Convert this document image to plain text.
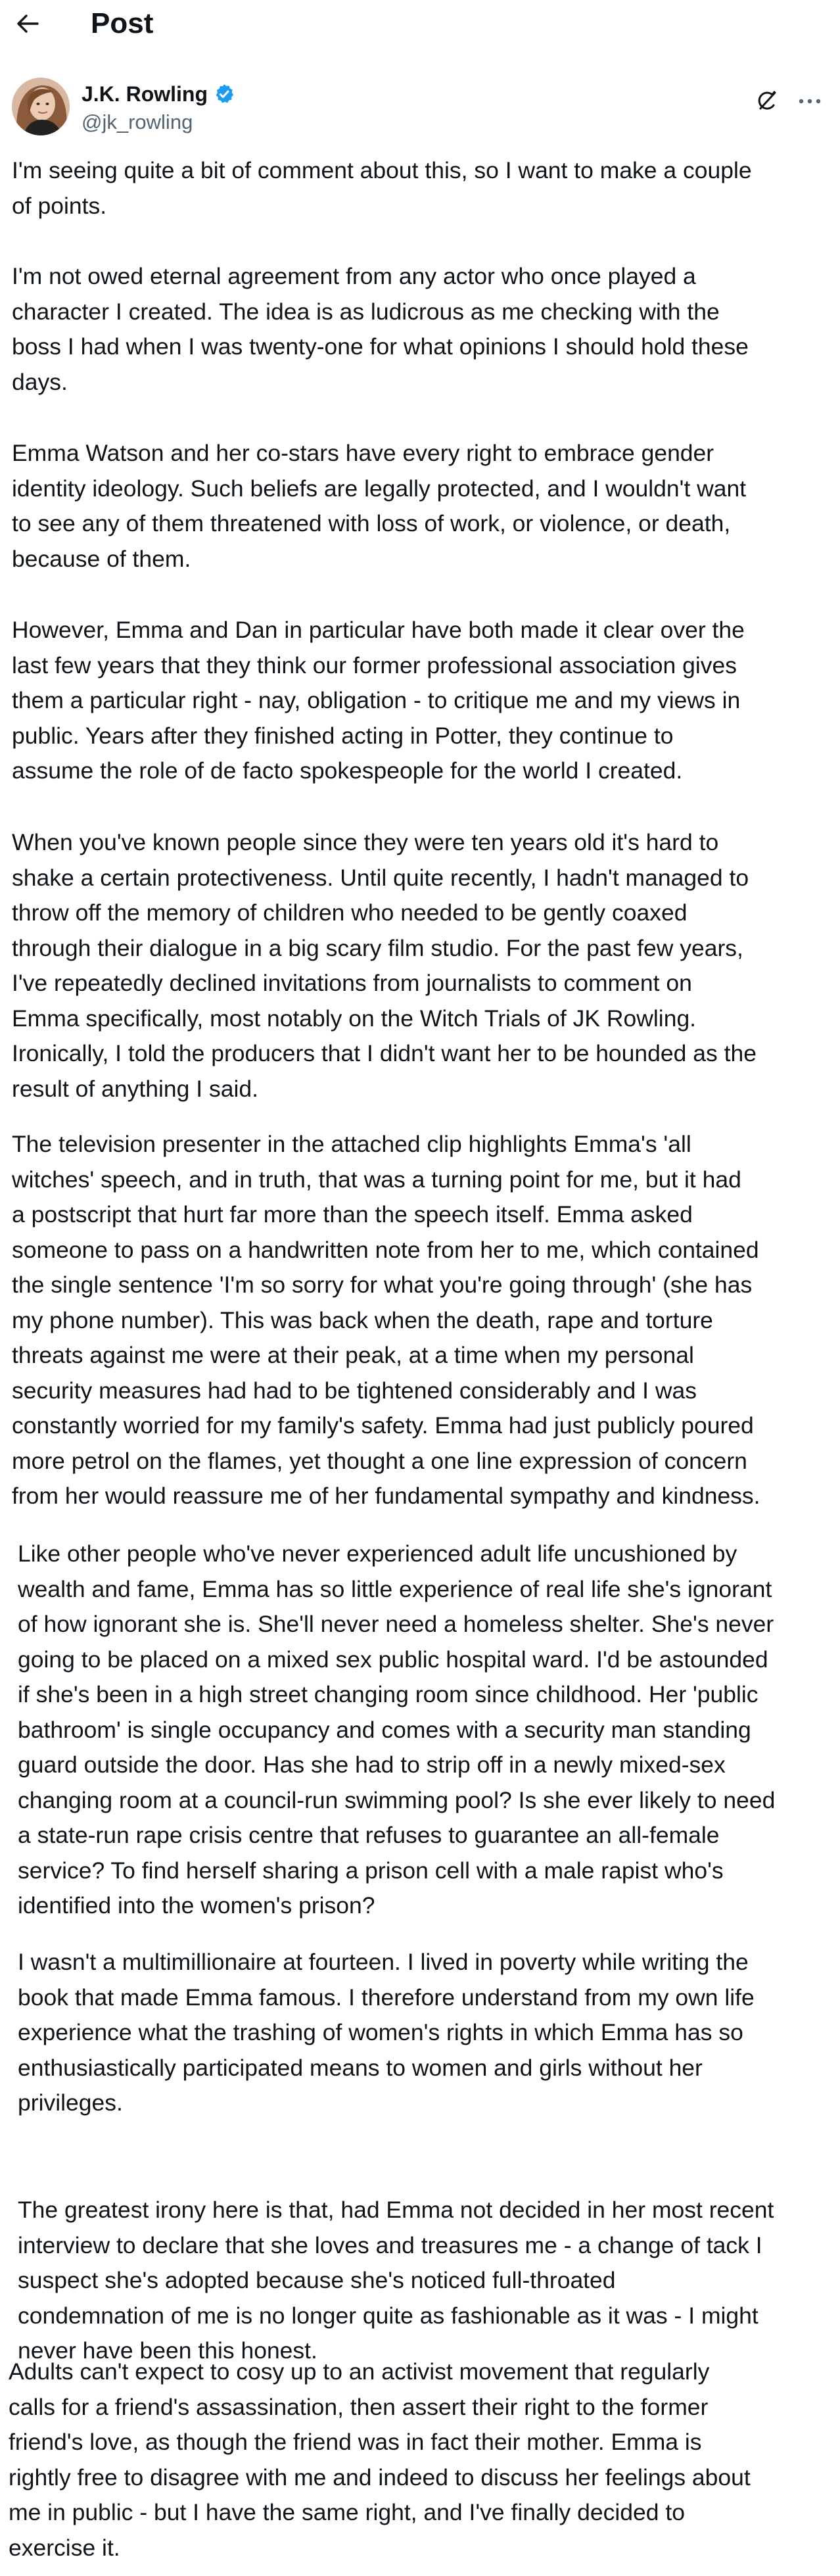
Post
J.K. Rowling
@jk_rowling

I'm seeing quite a bit of comment about this, so I want to make a couple
of points.

I'm not owed eternal agreement from any actor who once played a
character I created. The idea is as ludicrous as me checking with the
boss I had when I was twenty-one for what opinions I should hold these
days.

Emma Watson and her co-stars have every right to embrace gender
identity ideology. Such beliefs are legally protected, and I wouldn't want
to see any of them threatened with loss of work, or violence, or death,
because of them.

However, Emma and Dan in particular have both made it clear over the
last few years that they think our former professional association gives
them a particular right - nay, obligation - to critique me and my views in
public. Years after they finished acting in Potter, they continue to
assume the role of de facto spokespeople for the world I created.

When you've known people since they were ten years old it's hard to
shake a certain protectiveness. Until quite recently, I hadn't managed to
throw off the memory of children who needed to be gently coaxed
through their dialogue in a big scary film studio. For the past few years,
I've repeatedly declined invitations from journalists to comment on
Emma specifically, most notably on the Witch Trials of JK Rowling.
Ironically, I told the producers that I didn't want her to be hounded as the
result of anything I said.

The television presenter in the attached clip highlights Emma's 'all
witches' speech, and in truth, that was a turning point for me, but it had
a postscript that hurt far more than the speech itself. Emma asked
someone to pass on a handwritten note from her to me, which contained
the single sentence 'I'm so sorry for what you're going through' (she has
my phone number). This was back when the death, rape and torture
threats against me were at their peak, at a time when my personal
security measures had had to be tightened considerably and I was
constantly worried for my family's safety. Emma had just publicly poured
more petrol on the flames, yet thought a one line expression of concern
from her would reassure me of her fundamental sympathy and kindness.

Like other people who've never experienced adult life uncushioned by
wealth and fame, Emma has so little experience of real life she's ignorant
of how ignorant she is. She'll never need a homeless shelter. She's never
going to be placed on a mixed sex public hospital ward. I'd be astounded
if she's been in a high street changing room since childhood. Her 'public
bathroom' is single occupancy and comes with a security man standing
guard outside the door. Has she had to strip off in a newly mixed-sex
changing room at a council-run swimming pool? Is she ever likely to need
a state-run rape crisis centre that refuses to guarantee an all-female
service? To find herself sharing a prison cell with a male rapist who's
identified into the women's prison?

I wasn't a multimillionaire at fourteen. I lived in poverty while writing the
book that made Emma famous. I therefore understand from my own life
experience what the trashing of women's rights in which Emma has so
enthusiastically participated means to women and girls without her
privileges.

The greatest irony here is that, had Emma not decided in her most recent
interview to declare that she loves and treasures me - a change of tack I
suspect she's adopted because she's noticed full-throated
condemnation of me is no longer quite as fashionable as it was - I might
never have been this honest.

Adults can't expect to cosy up to an activist movement that regularly
calls for a friend's assassination, then assert their right to the former
friend's love, as though the friend was in fact their mother. Emma is
rightly free to disagree with me and indeed to discuss her feelings about
me in public - but I have the same right, and I've finally decided to
exercise it.
